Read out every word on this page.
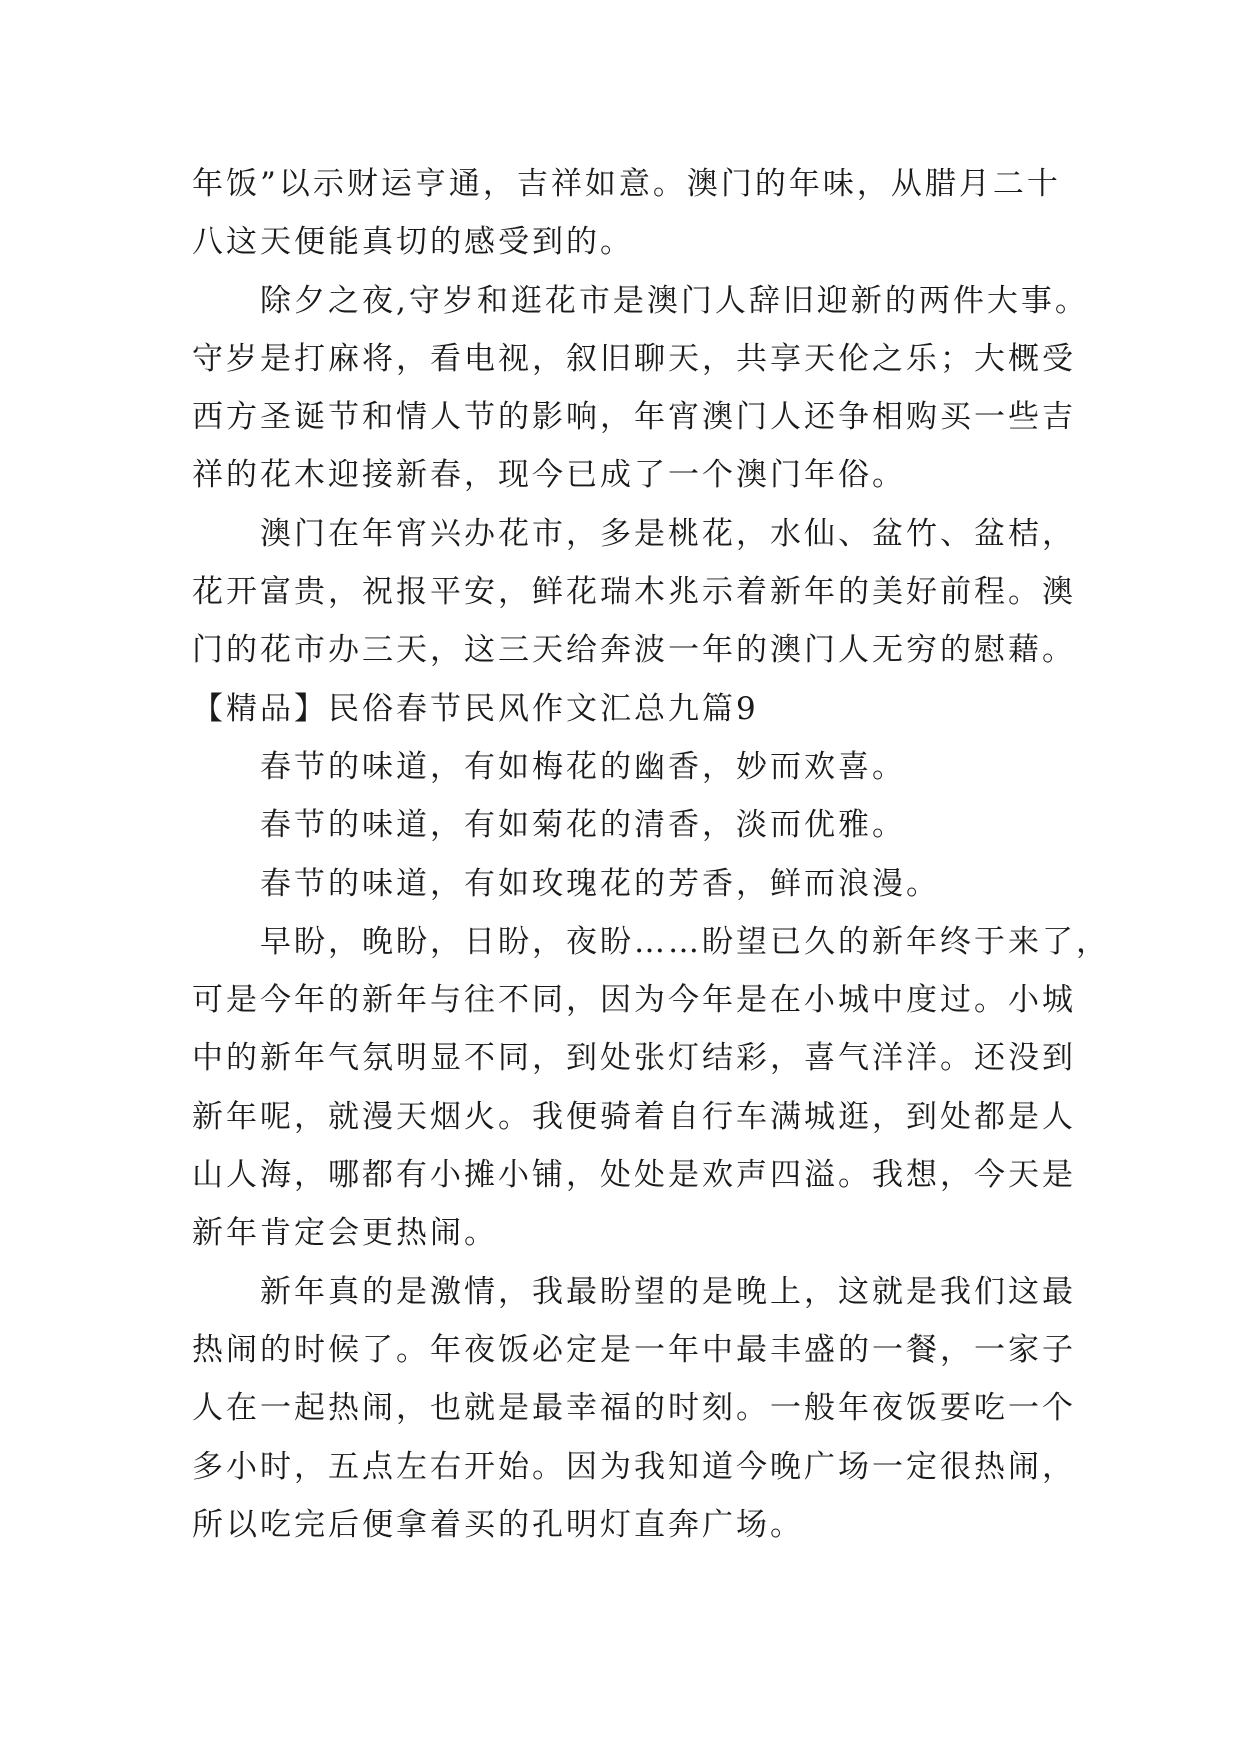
年饭”以示财运亨通，吉祥如意。澳门的年味，从腊月二十
八这天便能真切的感受到的。
除夕之夜,守岁和逛花市是澳门人辞旧迎新的两件大事。
守岁是打麻将，看电视，叙旧聊天，共享天伦之乐；大概受
西方圣诞节和情人节的影响，年宵澳门人还争相购买一些吉
祥的花木迎接新春，现今已成了一个澳门年俗。
澳门在年宵兴办花市，多是桃花，水仙、盆竹、盆桔，
花开富贵，祝报平安，鲜花瑞木兆示着新年的美好前程。澳
门的花市办三天，这三天给奔波一年的澳门人无穷的慰藉。
【精品】民俗春节民风作文汇总九篇9
春节的味道，有如梅花的幽香，妙而欢喜。
春节的味道，有如菊花的清香，淡而优雅。
春节的味道，有如玫瑰花的芳香，鲜而浪漫。
早盼，晚盼，日盼，夜盼……盼望已久的新年终于来了，
可是今年的新年与往不同，因为今年是在小城中度过。小城
中的新年气氛明显不同，到处张灯结彩，喜气洋洋。还没到
新年呢，就漫天烟火。我便骑着自行车满城逛，到处都是人
山人海，哪都有小摊小铺，处处是欢声四溢。我想，今天是
新年肯定会更热闹。
新年真的是激情，我最盼望的是晚上，这就是我们这最
热闹的时候了。年夜饭必定是一年中最丰盛的一餐，一家子
人在一起热闹，也就是最幸福的时刻。一般年夜饭要吃一个
多小时，五点左右开始。因为我知道今晚广场一定很热闹，
所以吃完后便拿着买的孔明灯直奔广场。
